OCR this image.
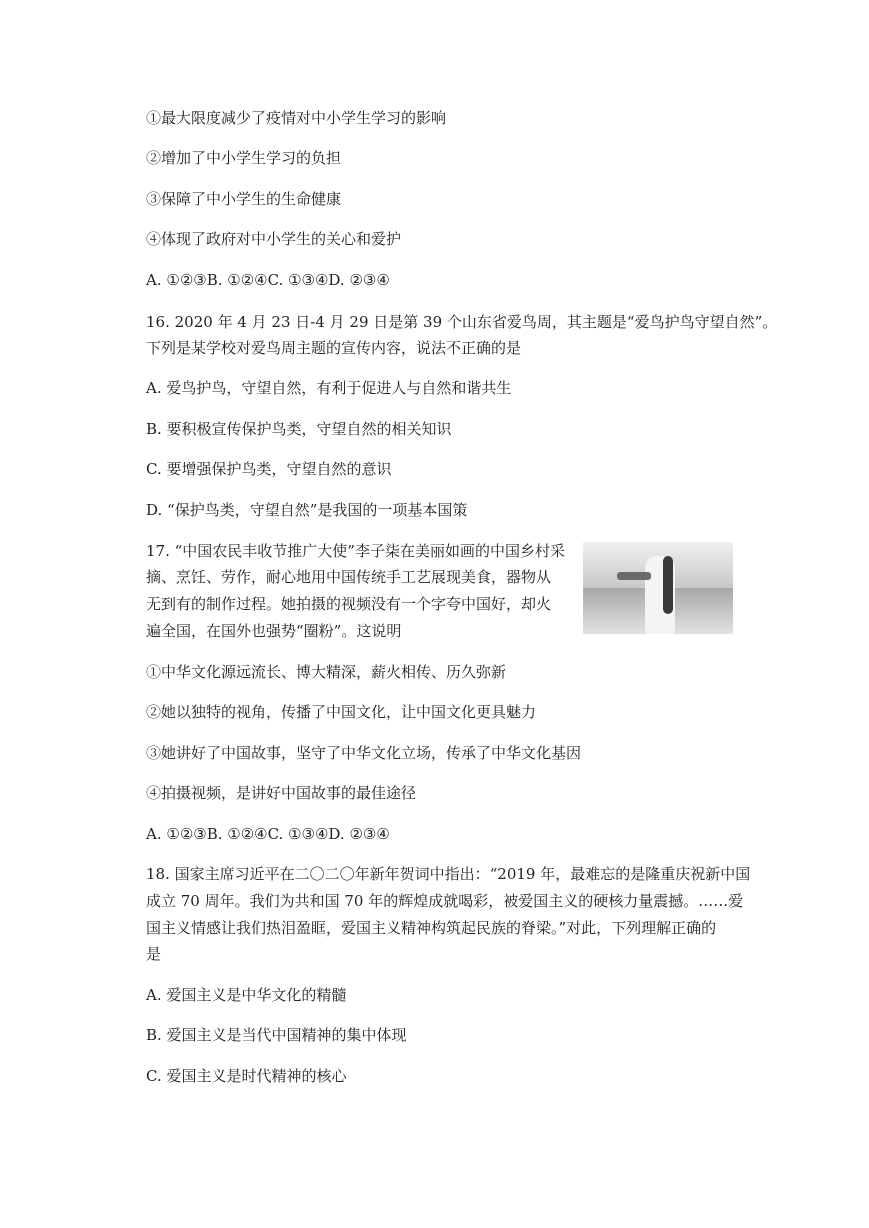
①最大限度减少了疫情对中小学生学习的影响
②增加了中小学生学习的负担
③保障了中小学生的生命健康
④体现了政府对中小学生的关心和爱护
A. ①②③B. ①②④C. ①③④D. ②③④
16. 2020 年 4 月 23 日-4 月 29 日是第 39 个山东省爱鸟周，其主题是“爱鸟护鸟守望自然”。
下列是某学校对爱鸟周主题的宣传内容，说法不正确的是
A. 爱鸟护鸟，守望自然，有利于促进人与自然和谐共生
B. 要积极宣传保护鸟类，守望自然的相关知识
C. 要增强保护鸟类，守望自然的意识
D. “保护鸟类，守望自然”是我国的一项基本国策
17. “中国农民丰收节推广大使”李子柒在美丽如画的中国乡村采
摘、烹饪、劳作，耐心地用中国传统手工艺展现美食，器物从
无到有的制作过程。她拍摄的视频没有一个字夸中国好，却火
遍全国，在国外也强势“圈粉”。这说明
①中华文化源远流长、博大精深，薪火相传、历久弥新
②她以独特的视角，传播了中国文化，让中国文化更具魅力
③她讲好了中国故事，坚守了中华文化立场，传承了中华文化基因
④拍摄视频，是讲好中国故事的最佳途径
A. ①②③B. ①②④C. ①③④D. ②③④
18. 国家主席习近平在二〇二〇年新年贺词中指出：“2019 年，最难忘的是隆重庆祝新中国
成立 70 周年。我们为共和国 70 年的辉煌成就喝彩，被爱国主义的硬核力量震撼。……爱
国主义情感让我们热泪盈眶，爱国主义精神构筑起民族的脊梁。”对此，下列理解正确的
是
A. 爱国主义是中华文化的精髓
B. 爱国主义是当代中国精神的集中体现
C. 爱国主义是时代精神的核心
